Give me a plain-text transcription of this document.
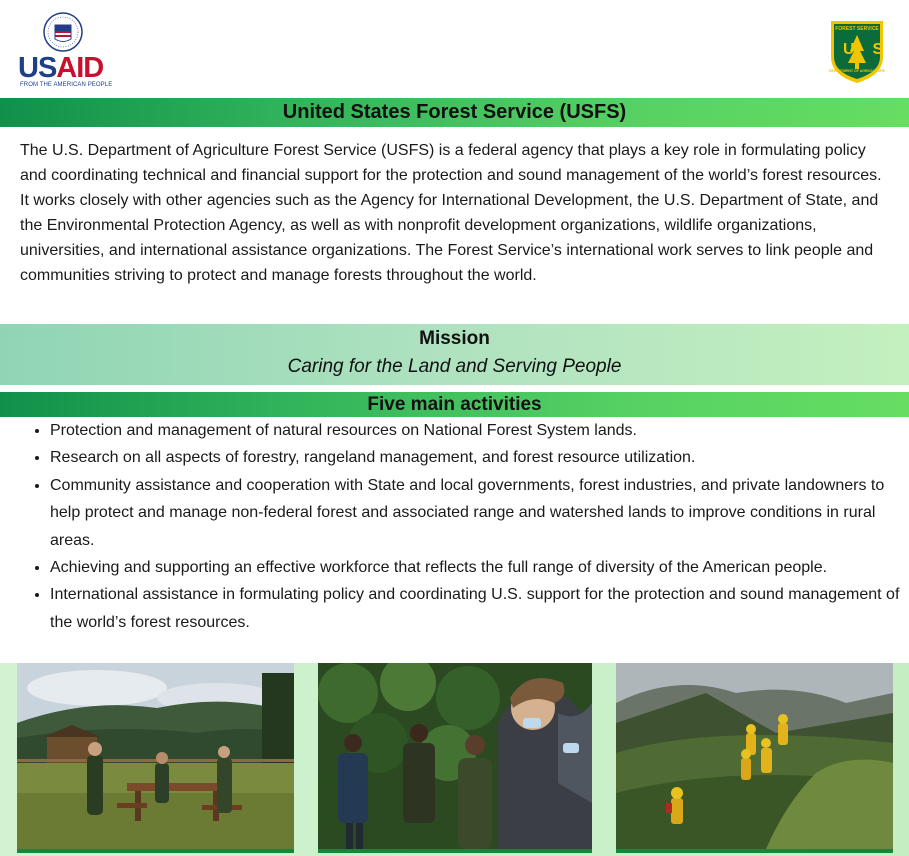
USAID
FROM THE AMERICAN PEOPLE
FOREST SERVICE
US
DEPARTMENT OF AGRICULTURE
United States Forest Service (USFS)
The U.S. Department of Agriculture Forest Service (USFS) is a federal agency that plays a key role in formulating policy and coordinating technical and financial support for the protection and sound management of the world’s forest resources. It works closely with other agencies such as the Agency for International Development, the U.S. Department of State, and the Environmental Protection Agency, as well as with nonprofit development organizations, wildlife organizations, universities, and international assistance organizations. The Forest Service’s international work serves to link people and communities striving to protect and manage forests throughout the world.
Mission
Caring for the Land and Serving People
Five main activities
• Protection and management of natural resources on National Forest System lands.
• Research on all aspects of forestry, rangeland management, and forest resource utilization.
• Community assistance and cooperation with State and local governments, forest industries, and private landowners to help protect and manage non-federal forest and associated range and watershed lands to improve conditions in rural areas.
• Achieving and supporting an effective workforce that reflects the full range of diversity of the American people.
• International assistance in formulating policy and coordinating U.S. support for the protection and sound management of the world’s forest resources.
